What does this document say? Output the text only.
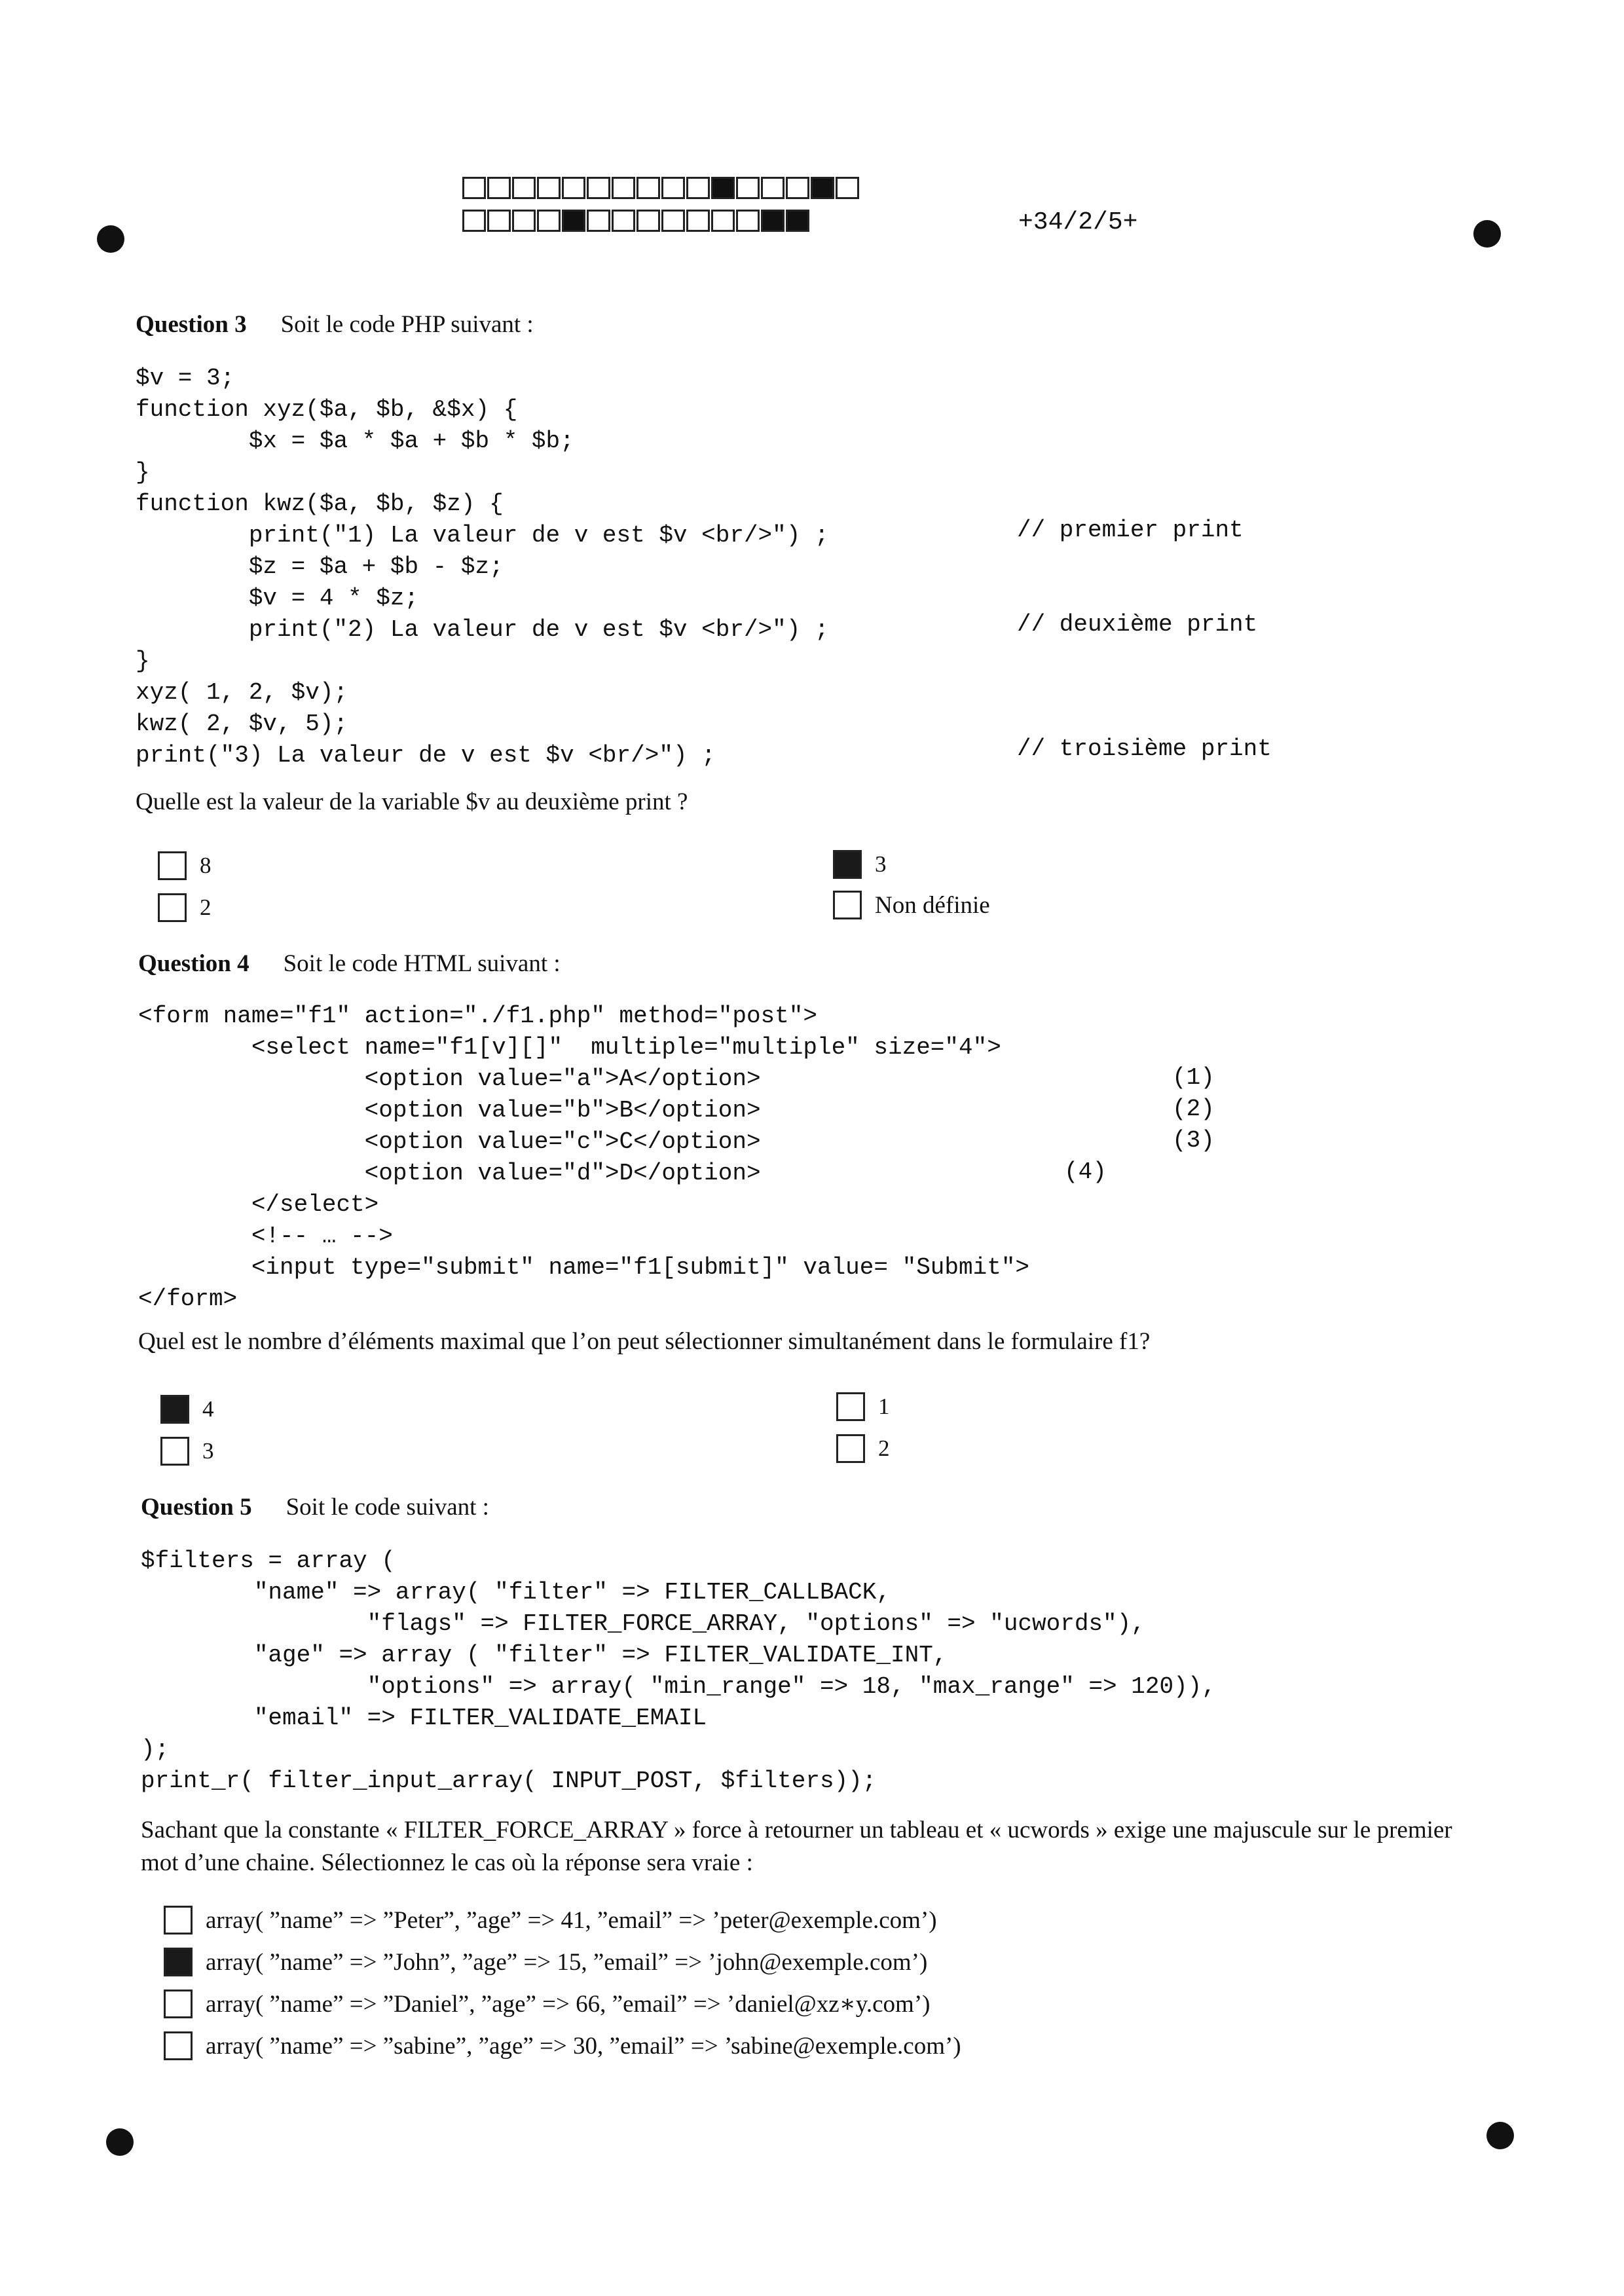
+34/2/5+
Question 3 Soit le code PHP suivant :
$v = 3;
function xyz($a, $b, &$x) {
$x = $a * $a + $b * $b;
}
function kwz($a, $b, $z) {
print("1) La valeur de v est $v <br/>") ;
$z = $a + $b - $z;
$v = 4 * $z;
print("2) La valeur de v est $v <br/>") ;
}
xyz( 1, 2, $v);
kwz( 2, $v, 5);
print("3) La valeur de v est $v <br/>") ;
// premier print
// deuxième print
// troisième print
Quelle est la valeur de la variable $v au deuxième print ?
8
2
3
Non définie
Question 4 Soit le code HTML suivant :
<form name="f1" action="./f1.php" method="post">
<select name="f1[v][]"  multiple="multiple" size="4">
<option value="a">A</option>
<option value="b">B</option>
<option value="c">C</option>
<option value="d">D</option>
</select>
<!-- … -->
<input type="submit" name="f1[submit]" value= "Submit">
</form>
(1)
(2)
(3)
(4)
Quel est le nombre d’éléments maximal que l’on peut sélectionner simultanément dans le formulaire f1?
4
3
1
2
Question 5 Soit le code suivant :
$filters = array (
"name" => array( "filter" => FILTER_CALLBACK,
"flags" => FILTER_FORCE_ARRAY, "options" => "ucwords"),
"age" => array ( "filter" => FILTER_VALIDATE_INT,
"options" => array( "min_range" => 18, "max_range" => 120)),
"email" => FILTER_VALIDATE_EMAIL
);
print_r( filter_input_array( INPUT_POST, $filters));
Sachant que la constante « FILTER_FORCE_ARRAY » force à retourner un tableau et « ucwords » exige une majuscule sur le premier mot d’une chaine. Sélectionnez le cas où la réponse sera vraie :
array( ”name” => ”Peter”, ”age” => 41, ”email” => ’peter@exemple.com’)
array( ”name” => ”John”, ”age” => 15, ”email” => ’john@exemple.com’)
array( ”name” => ”Daniel”, ”age” => 66, ”email” => ’daniel@xz∗y.com’)
array( ”name” => ”sabine”, ”age” => 30, ”email” => ’sabine@exemple.com’)
